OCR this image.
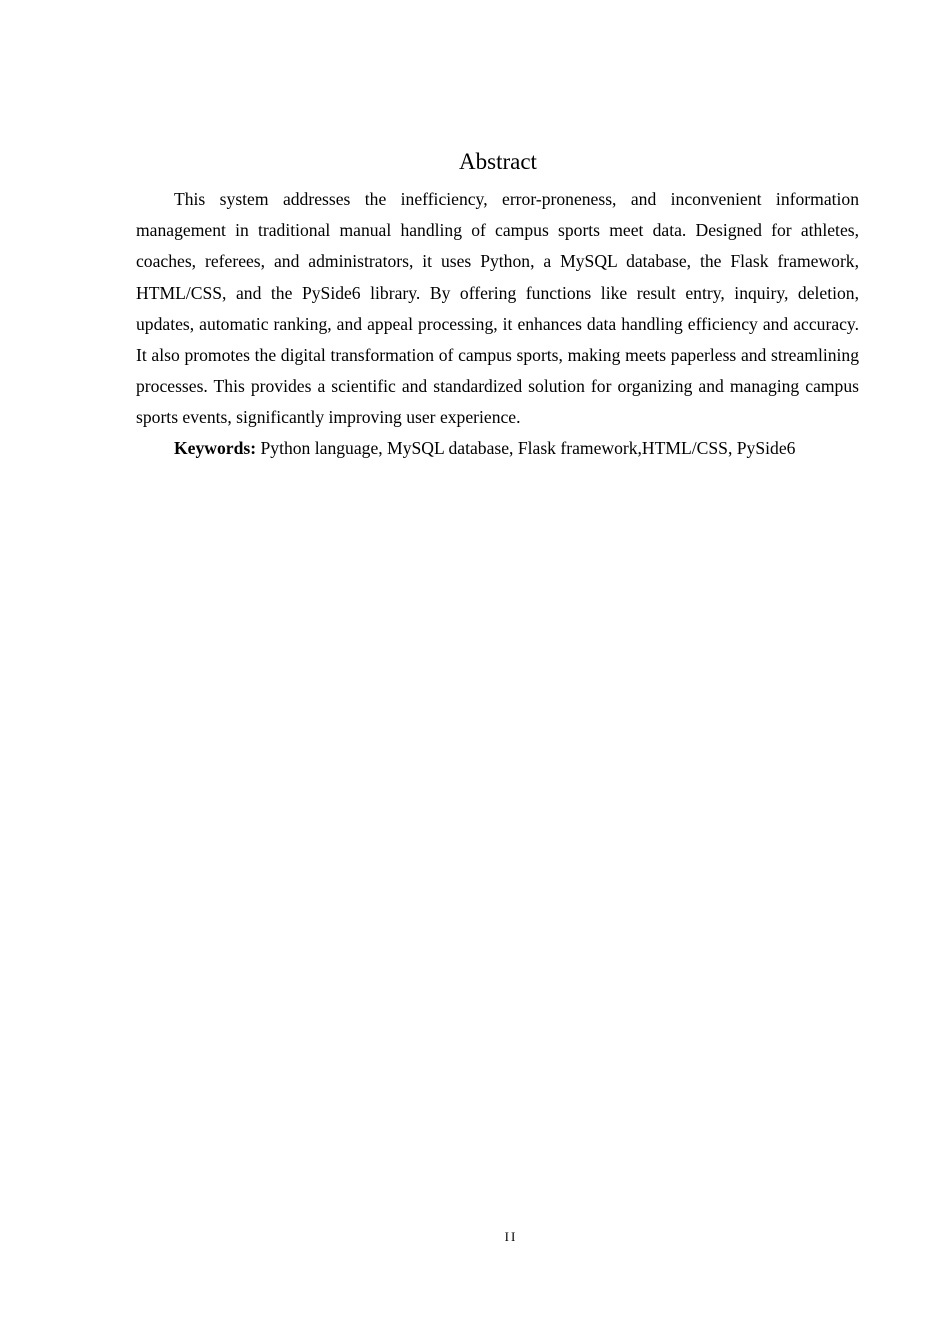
Abstract

This system addresses the inefficiency, error-proneness, and inconvenient information management in traditional manual handling of campus sports meet data. Designed for athletes, coaches, referees, and administrators, it uses Python, a MySQL database, the Flask framework, HTML/CSS, and the PySide6 library. By offering functions like result entry, inquiry, deletion, updates, automatic ranking, and appeal processing, it enhances data handling efficiency and accuracy. It also promotes the digital transformation of campus sports, making meets paperless and streamlining processes. This provides a scientific and standardized solution for organizing and managing campus sports events, significantly improving user experience.

Keywords: Python language, MySQL database, Flask framework,HTML/CSS, PySide6

II
